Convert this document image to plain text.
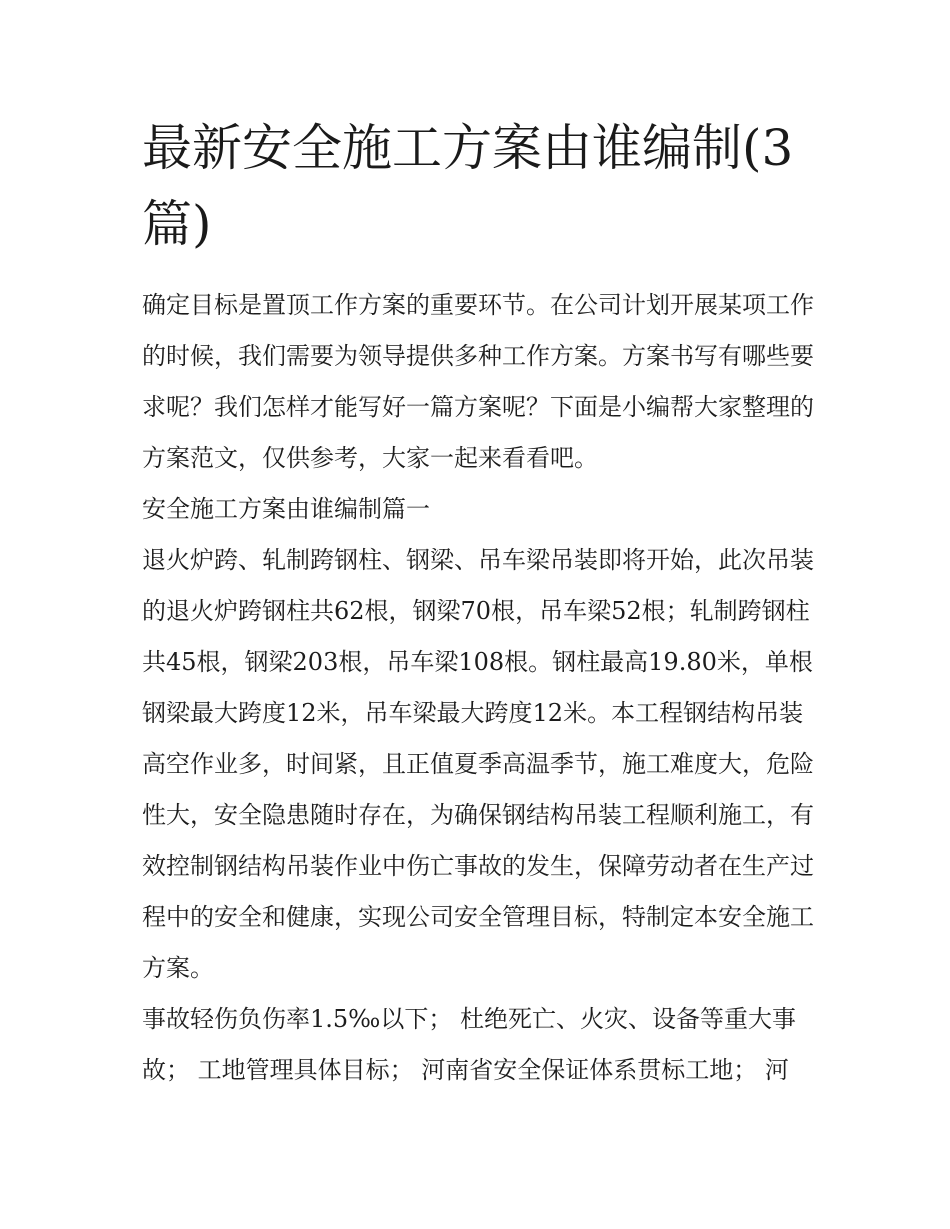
最新安全施工方案由谁编制(3篇)

确定目标是置顶工作方案的重要环节。在公司计划开展某项工作的时候，我们需要为领导提供多种工作方案。方案书写有哪些要求呢？我们怎样才能写好一篇方案呢？下面是小编帮大家整理的方案范文，仅供参考，大家一起来看看吧。

安全施工方案由谁编制篇一

退火炉跨、轧制跨钢柱、钢梁、吊车梁吊装即将开始，此次吊装的退火炉跨钢柱共62根，钢梁70根，吊车梁52根；轧制跨钢柱共45根，钢梁203根，吊车梁108根。钢柱最高19.80米，单根钢梁最大跨度12米，吊车梁最大跨度12米。本工程钢结构吊装高空作业多，时间紧，且正值夏季高温季节，施工难度大，危险性大，安全隐患随时存在，为确保钢结构吊装工程顺利施工，有效控制钢结构吊装作业中伤亡事故的发生，保障劳动者在生产过程中的安全和健康，实现公司安全管理目标，特制定本安全施工方案。

事故轻伤负伤率1.5‰以下； 杜绝死亡、火灾、设备等重大事故； 工地管理具体目标； 河南省安全保证体系贯标工地； 河
